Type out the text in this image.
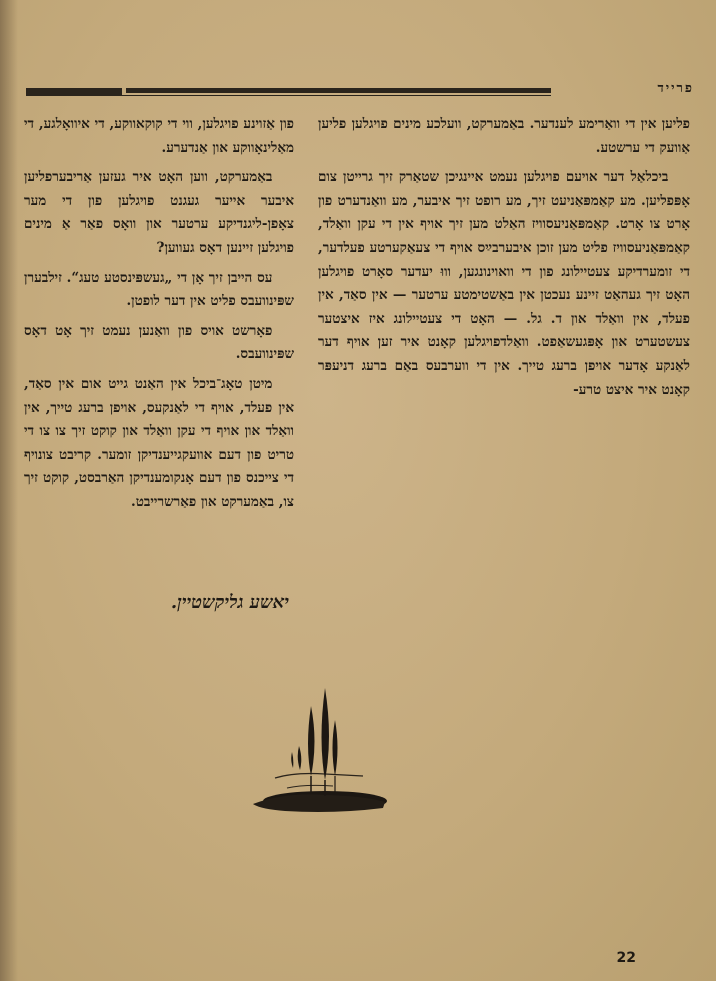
פרייד

פליען אין די וואַרימע לענדער. באַמערקט, וועלכע מינים פויגלען פליען אַוועק די ערשטע.

ביכלאַל דער אויעם פויגלען נעמט איינגיכן שטאַרק זיך גרייטן צום אָפּפליען. מע קאַמפּאַניעט זיך, מע רופט זיך איבער, מע וואַנדערט פון אָרט צו אָרט. קאַמפּאַניעסוויז האַלט מען זיך אויף אין די עקן וואַלד, קאַמפּאַניעסוויז פליט מען זוכן איבערבײַס אויף די צעאַקערטע פעלדער, די זומערדיקע צעטיילונג פון די וואוינונגען, וווּ יעדער סאָרט פויגלען האָט זיך געהאַט זיינע נעכטן אין באַשטימטע ערטער — אין סאַד, אין פעלד, אין וואַלד און ד. גל. — האָט די צעטיילונג איז איצטער צעשטערט און אָפּגעשאַפט. וואַלדפויגלען קאָנט איר זען אויף דער לאַנקע אָדער אויפן ברעג טייך. אין די ווערבעס באַם ברעג דניעפּר קאָנט איר איצט טרע-

פון אַזוינע פויגלען, ווי די קוקאווקע, די איוואָלגע, די מאַלינאָווקע און אַנדערע.

באַמערקט, ווען האָט איר געזען אַריבערפליען איבער אייער געגנט פויגלען פון די מער צאָפן-ליגנדיקע ערטער און וואָס פאַר אַ מינים פויגלען זיינען דאָס געווען?

עס הייבן זיך אָן די „געשפּינסטע טעג“. זילבערן שפּינוועבס פליט אין דער לופטן.

פאָרשט אויס פון וואַנען נעמט זיך אָט דאָס שפּינוועבס.

מיטן טאָג־ביכל אין האַנט גייט אום אין סאַד, אין פעלד, אויף די לאַנקעס, אויפן ברעג טייך, אין וואַלד און אויף די עקן וואַלד און קוקט זיך צו צו די טריט פון דעם אוועקגייענדיקן זומער. קריבט צונויף די צייכנס פון דעם אָנקומענדיקן האַרבסט, קוקט זיך צו, באַמערקט און פאַרשרייבט.

יאשע גליקשטיין.
22
